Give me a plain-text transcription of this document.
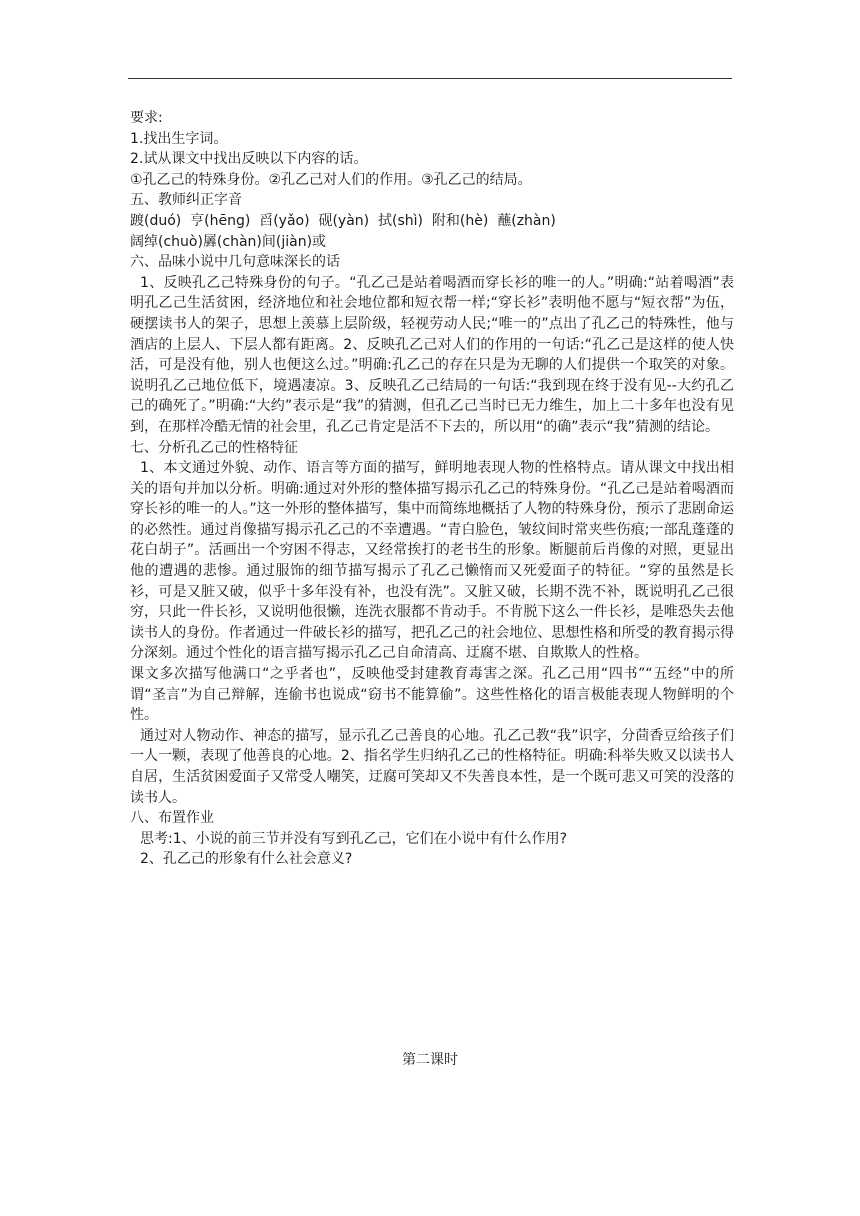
要求:

1.找出生字词。

2.试从课文中找出反映以下内容的话。

①孔乙己的特殊身份。②孔乙己对人们的作用。③孔乙己的结局。

五、教师纠正字音

踱(duó)  亨(hēng)  舀(yǎo)  砚(yàn)  拭(shì)  附和(hè)  蘸(zhàn)

阔绰(chuò)羼(chàn)间(jiàn)或

六、品味小说中几句意味深长的话

1、反映孔乙己特殊身份的句子。“孔乙己是站着喝酒而穿长衫的唯一的人。”明确:“站着喝酒”表明孔乙己生活贫困，经济地位和社会地位都和短衣帮一样;“穿长衫”表明他不愿与“短衣帮”为伍，硬摆读书人的架子，思想上羡慕上层阶级，轻视劳动人民;“唯一的”点出了孔乙己的特殊性，他与酒店的上层人、下层人都有距离。2、反映孔乙己对人们的作用的一句话:“孔乙己是这样的使人快活，可是没有他，别人也便这么过。”明确:孔乙己的存在只是为无聊的人们提供一个取笑的对象。说明孔乙己地位低下，境遇凄凉。3、反映孔乙己结局的一句话:“我到现在终于没有见--大约孔乙己的确死了。”明确:“大约”表示是“我”的猜测，但孔乙己当时已无力维生，加上二十多年也没有见到，在那样冷酷无情的社会里，孔乙己肯定是活不下去的，所以用“的确”表示“我”猜测的结论。

七、分析孔乙己的性格特征

1、本文通过外貌、动作、语言等方面的描写，鲜明地表现人物的性格特点。请从课文中找出相关的语句并加以分析。明确:通过对外形的整体描写揭示孔乙己的特殊身份。“孔乙己是站着喝酒而穿长衫的唯一的人。”这一外形的整体描写，集中而简练地概括了人物的特殊身份，预示了悲剧命运的必然性。通过肖像描写揭示孔乙己的不幸遭遇。“青白脸色，皱纹间时常夹些伤痕;一部乱蓬蓬的花白胡子”。活画出一个穷困不得志，又经常挨打的老书生的形象。断腿前后肖像的对照，更显出他的遭遇的悲惨。通过服饰的细节描写揭示了孔乙己懒惰而又死爱面子的特征。“穿的虽然是长衫，可是又脏又破，似乎十多年没有补，也没有洗”。又脏又破，长期不洗不补，既说明孔乙己很穷，只此一件长衫，又说明他很懒，连洗衣服都不肯动手。不肯脱下这么一件长衫，是唯恐失去他读书人的身份。作者通过一件破长衫的描写，把孔乙己的社会地位、思想性格和所受的教育揭示得分深刻。通过个性化的语言描写揭示孔乙己自命清高、迂腐不堪、自欺欺人的性格。

课文多次描写他满口“之乎者也”，反映他受封建教育毒害之深。孔乙己用“四书”“五经”中的所谓“圣言”为自己辩解，连偷书也说成“窃书不能算偷”。这些性格化的语言极能表现人物鲜明的个性。

通过对人物动作、神态的描写，显示孔乙己善良的心地。孔乙己教“我”识字，分茴香豆给孩子们一人一颗，表现了他善良的心地。2、指名学生归纳孔乙己的性格特征。明确:科举失败又以读书人自居，生活贫困爱面子又常受人嘲笑，迂腐可笑却又不失善良本性，是一个既可悲又可笑的没落的读书人。

八、布置作业

思考:1、小说的前三节并没有写到孔乙己，它们在小说中有什么作用?

2、孔乙己的形象有什么社会意义?

第二课时
